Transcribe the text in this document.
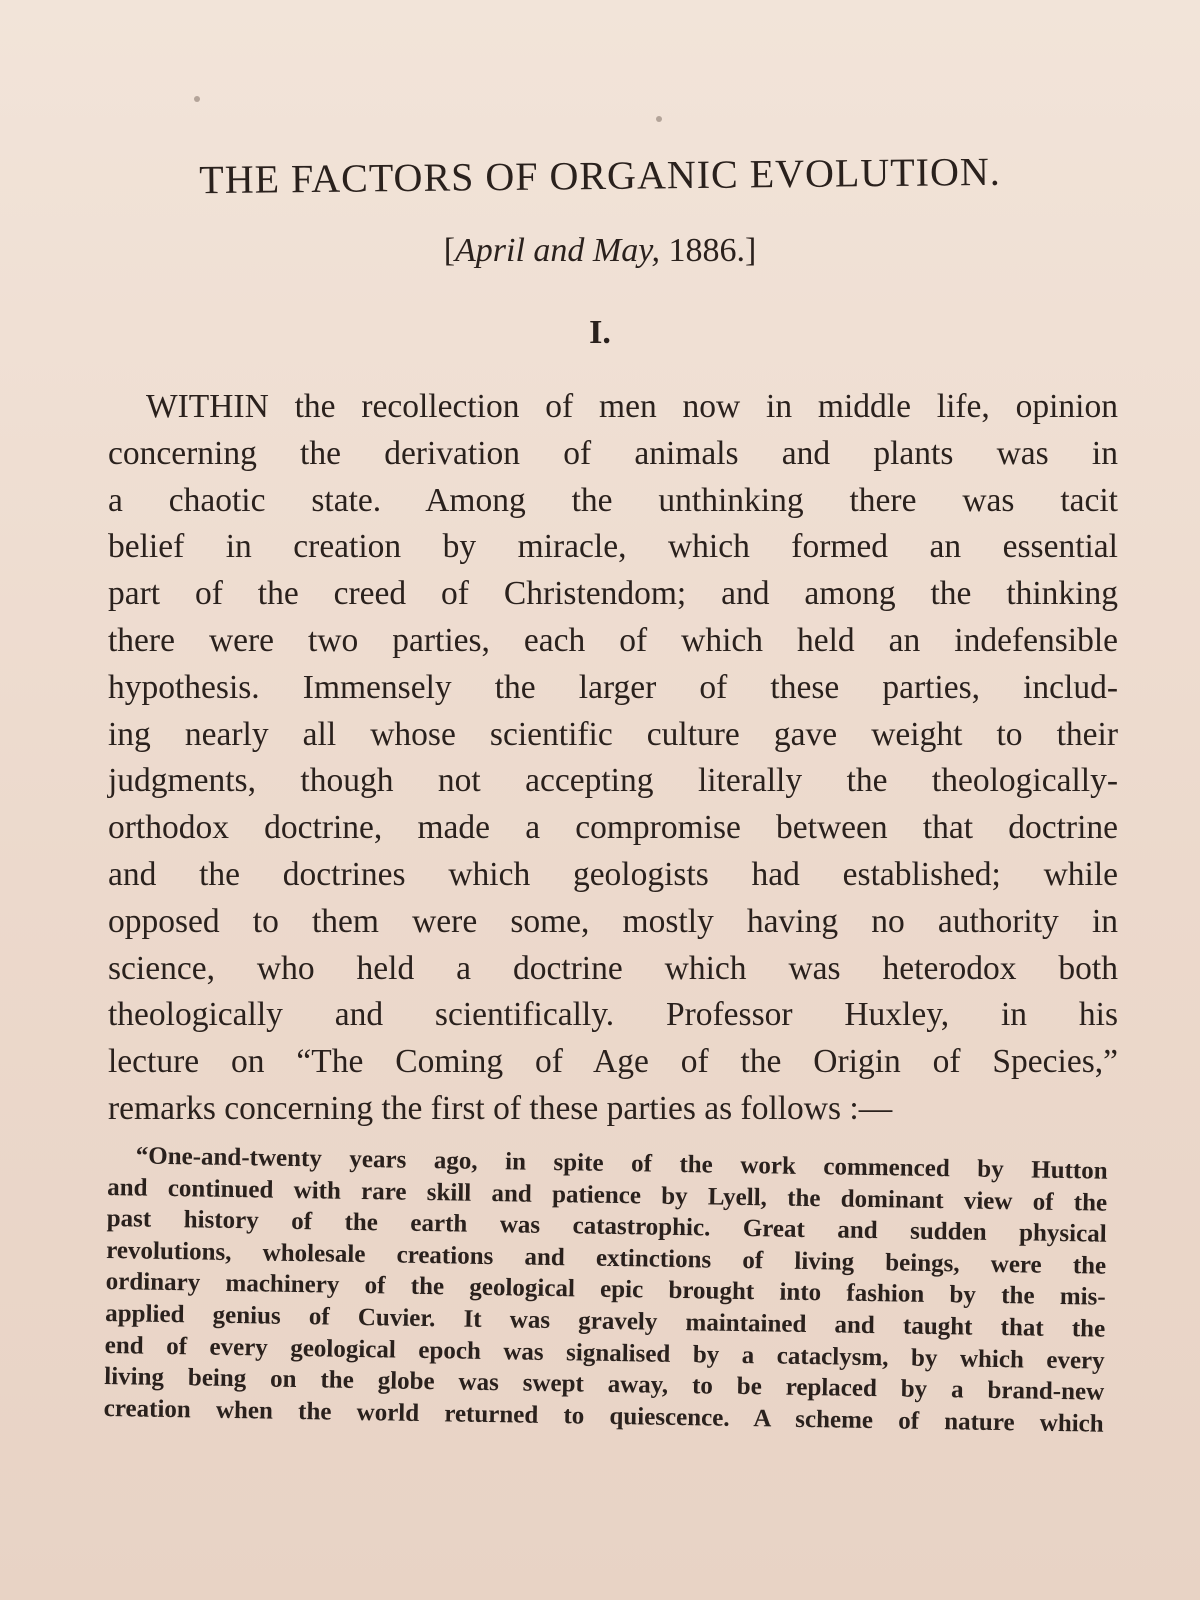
THE FACTORS OF ORGANIC EVOLUTION.
[April and May, 1886.]
I.
WITHIN the recollection of men now in middle life, opinion
concerning the derivation of animals and plants was in
a chaotic state. Among the unthinking there was tacit
belief in creation by miracle, which formed an essential
part of the creed of Christendom; and among the thinking
there were two parties, each of which held an indefensible
hypothesis. Immensely the larger of these parties, includ-
ing nearly all whose scientific culture gave weight to their
judgments, though not accepting literally the theologically-
orthodox doctrine, made a compromise between that doctrine
and the doctrines which geologists had established; while
opposed to them were some, mostly having no authority in
science, who held a doctrine which was heterodox both
theologically and scientifically. Professor Huxley, in his
lecture on “The Coming of Age of the Origin of Species,”
remarks concerning the first of these parties as follows :—
“One-and-twenty years ago, in spite of the work commenced by Hutton
and continued with rare skill and patience by Lyell, the dominant view of the
past history of the earth was catastrophic. Great and sudden physical
revolutions, wholesale creations and extinctions of living beings, were the
ordinary machinery of the geological epic brought into fashion by the mis-
applied genius of Cuvier. It was gravely maintained and taught that the
end of every geological epoch was signalised by a cataclysm, by which every
living being on the globe was swept away, to be replaced by a brand-new
creation when the world returned to quiescence. A scheme of nature which
